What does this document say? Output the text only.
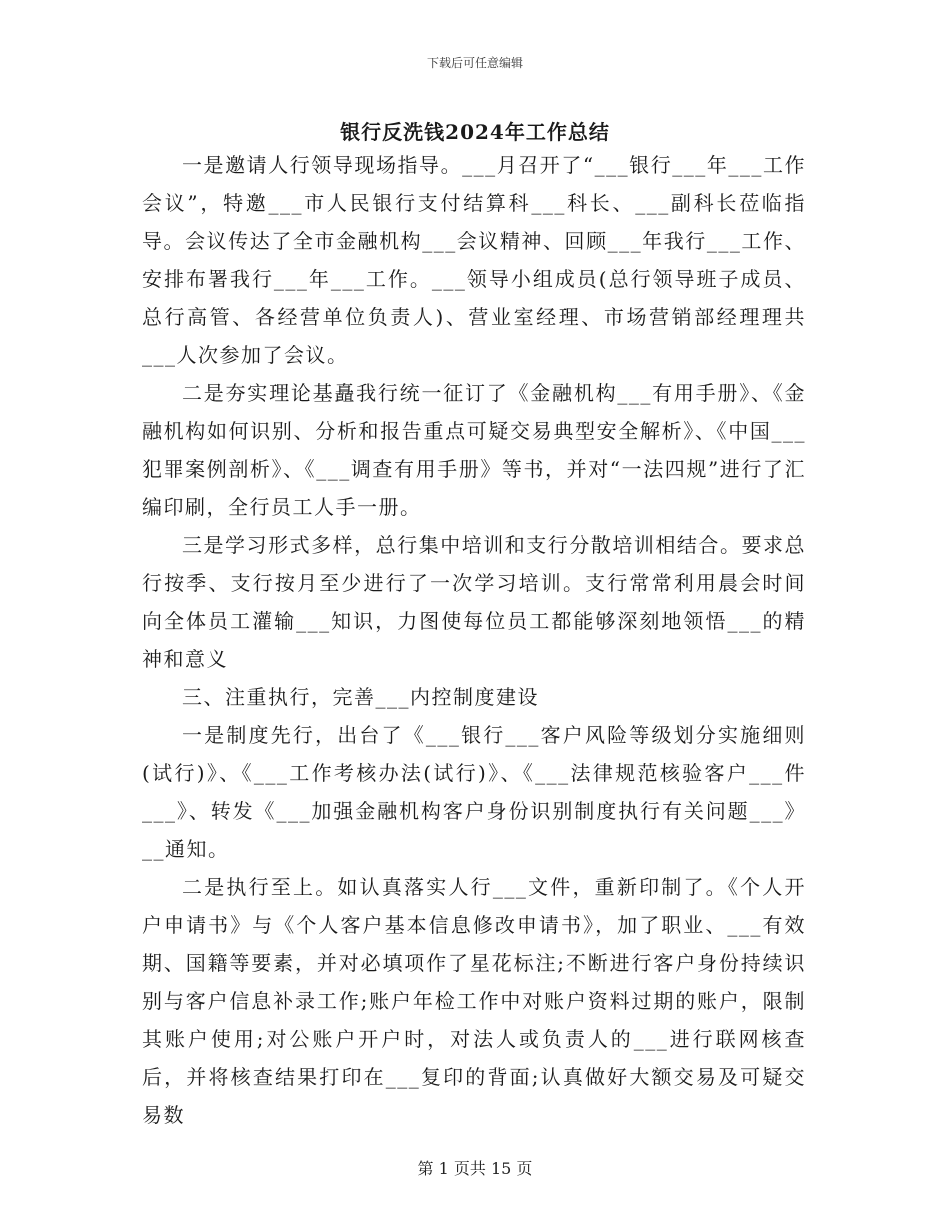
下载后可任意编辑
银行反洗钱2024年工作总结

一是邀请人行领导现场指导。___月召开了“___银行___年___工作会议”，特邀___市人民银行支付结算科___科长、___副科长莅临指导。会议传达了全市金融机构___会议精神、回顾___年我行___工作、安排布署我行___年___工作。___领导小组成员(总行领导班子成员、总行高管、各经营单位负责人)、营业室经理、市场营销部经理理共___人次参加了会议。

二是夯实理论基矗我行统一征订了《金融机构___有用手册》、《金融机构如何识别、分析和报告重点可疑交易典型安全解析》、《中国___犯罪案例剖析》、《___调查有用手册》等书，并对“一法四规”进行了汇编印刷，全行员工人手一册。

三是学习形式多样，总行集中培训和支行分散培训相结合。要求总行按季、支行按月至少进行了一次学习培训。支行常常利用晨会时间向全体员工灌输___知识，力图使每位员工都能够深刻地领悟___的精神和意义

三、注重执行，完善___内控制度建设

一是制度先行，出台了《___银行___客户风险等级划分实施细则(试行)》、《___工作考核办法(试行)》、《___法律规范核验客户___件___》、转发《___加强金融机构客户身份识别制度执行有关问题___》__通知。

二是执行至上。如认真落实人行___文件，重新印制了。《个人开户申请书》与《个人客户基本信息修改申请书》，加了职业、___有效期、国籍等要素，并对必填项作了星花标注;不断进行客户身份持续识别与客户信息补录工作;账户年检工作中对账户资料过期的账户，限制其账户使用;对公账户开户时，对法人或负责人的___进行联网核查后，并将核查结果打印在___复印的背面;认真做好大额交易及可疑交易数

第 1 页共 15 页
